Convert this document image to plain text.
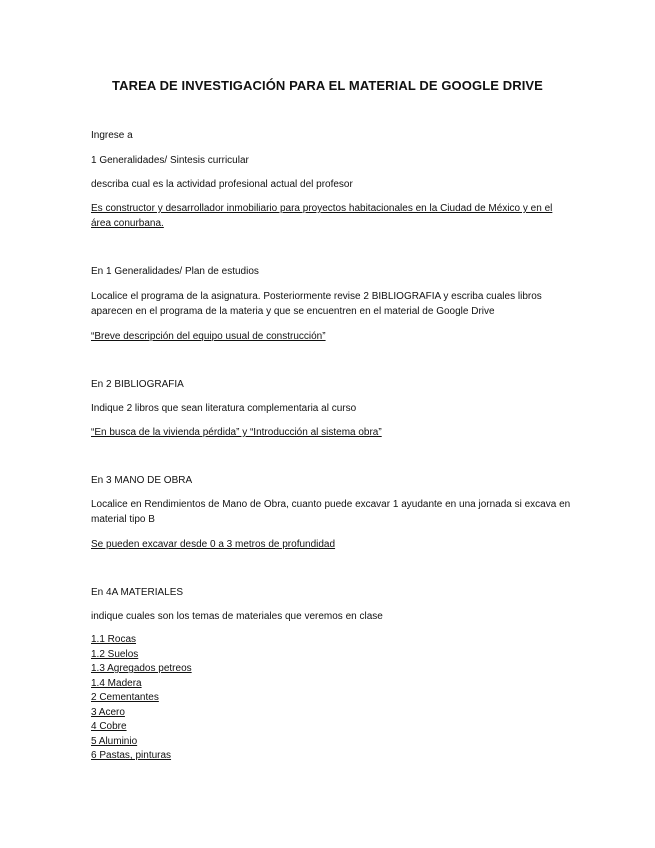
TAREA DE INVESTIGACIÓN PARA EL MATERIAL DE GOOGLE DRIVE

Ingrese a

1 Generalidades/ Sintesis curricular

describa cual es la actividad profesional actual del profesor

Es constructor y desarrollador inmobiliario para proyectos habitacionales en la Ciudad de México y en el área conurbana.

En 1 Generalidades/ Plan de estudios

Localice el programa de la asignatura. Posteriormente revise 2 BIBLIOGRAFIA y escriba cuales libros aparecen en el programa de la materia y que se encuentren en el material de Google Drive

“Breve descripción del equipo usual de construcción”

En 2 BIBLIOGRAFIA

Indique 2 libros que sean literatura complementaria al curso

“En busca de la vivienda pérdida” y “Introducción al sistema obra”

En 3 MANO DE OBRA

Localice en Rendimientos de Mano de Obra, cuanto puede excavar 1 ayudante en una jornada si excava en material tipo B

Se pueden excavar desde 0 a 3 metros de profundidad

En 4A MATERIALES

indique cuales son los temas de materiales que veremos en clase

1.1 Rocas
1.2 Suelos
1.3 Agregados petreos
1.4 Madera
2 Cementantes
3 Acero
4 Cobre
5 Aluminio
6 Pastas, pinturas
